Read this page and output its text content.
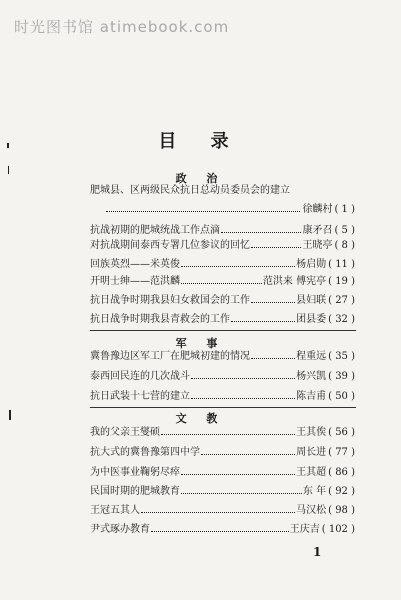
时光图书馆 atimebook.com
目 录
政 治
肥城县、区两级民众抗日总动员委员会的建立
徐麟村 ( 1 )
抗战初期的肥城统战工作点滴	康矛召 ( 5 )
对抗战期间泰西专署几位参议的回忆	王晓亭 ( 8 )
回族英烈——米英俊	杨启勋 ( 11 )
开明士绅——范洪麟	范洪来 傅宪亭 ( 19 )
抗日战争时期我县妇女救国会的工作	县妇联 ( 27 )
抗日战争时期我县青救会的工作	团县委 ( 32 )
军 事
冀鲁豫边区军工厂在肥城初建的情况	程重远 ( 35 )
泰西回民连的几次战斗	杨兴凯 ( 39 )
抗日武装十七营的建立	陈吉甫 ( 50 )
文 教
我的父亲王燮硕	王其俟 ( 56 )
抗大式的冀鲁豫第四中学	周长进 ( 77 )
为中医事业鞠躬尽瘁	王其超 ( 86 )
民国时期的肥城教育	东 年 ( 92 )
王冠五其人	马汉松 ( 98 )
尹式琢办教育	王庆吉 ( 102 )
1
